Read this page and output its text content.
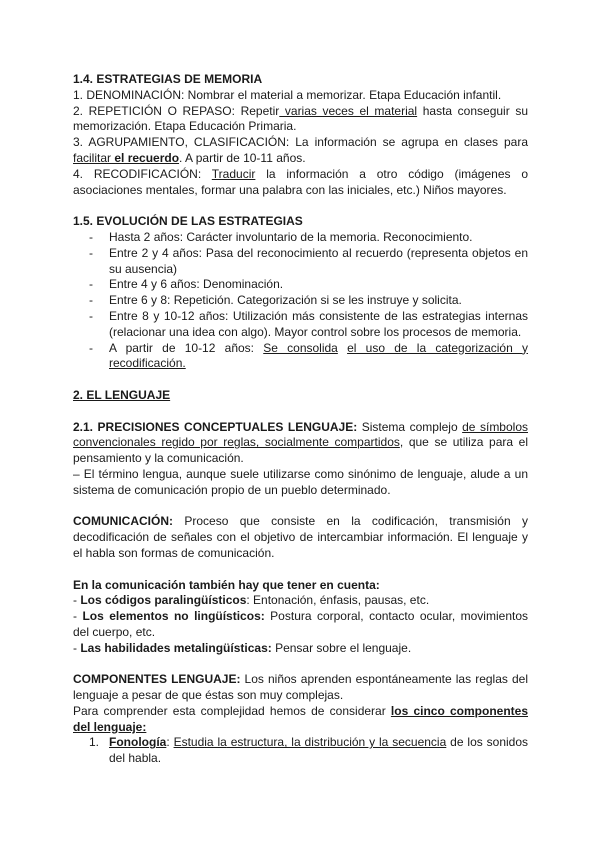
1.4. ESTRATEGIAS DE MEMORIA

1. DENOMINACIÓN: Nombrar el material a memorizar. Etapa Educación infantil.

2. REPETICIÓN O REPASO: Repetir varias veces el material hasta conseguir su memorización. Etapa Educación Primaria.

3. AGRUPAMIENTO, CLASIFICACIÓN: La información se agrupa en clases para facilitar el recuerdo. A partir de 10-11 años.

4. RECODIFICACIÓN: Traducir la información a otro código (imágenes o asociaciones mentales, formar una palabra con las iniciales, etc.) Niños mayores.

1.5. EVOLUCIÓN DE LAS ESTRATEGIAS

- Hasta 2 años: Carácter involuntario de la memoria. Reconocimiento.
- Entre 2 y 4 años: Pasa del reconocimiento al recuerdo (representa objetos en su ausencia)
- Entre 4 y 6 años: Denominación.
- Entre 6 y 8: Repetición. Categorización si se les instruye y solicita.
- Entre 8 y 10-12 años: Utilización más consistente de las estrategias internas (relacionar una idea con algo). Mayor control sobre los procesos de memoria.
- A partir de 10-12 años: Se consolida el uso de la categorización y recodificación.

2. EL LENGUAJE

2.1. PRECISIONES CONCEPTUALES LENGUAJE: Sistema complejo de símbolos convencionales regido por reglas, socialmente compartidos, que se utiliza para el pensamiento y la comunicación.

– El término lengua, aunque suele utilizarse como sinónimo de lenguaje, alude a un sistema de comunicación propio de un pueblo determinado.

COMUNICACIÓN: Proceso que consiste en la codificación, transmisión y decodificación de señales con el objetivo de intercambiar información. El lenguaje y el habla son formas de comunicación.

En la comunicación también hay que tener en cuenta:

- Los códigos paralingüísticos: Entonación, énfasis, pausas, etc.

- Los elementos no lingüísticos: Postura corporal, contacto ocular, movimientos del cuerpo, etc.

- Las habilidades metalingüísticas: Pensar sobre el lenguaje.

COMPONENTES LENGUAJE: Los niños aprenden espontáneamente las reglas del lenguaje a pesar de que éstas son muy complejas.

Para comprender esta complejidad hemos de considerar los cinco componentes del lenguaje:

1. Fonología: Estudia la estructura, la distribución y la secuencia de los sonidos del habla.
